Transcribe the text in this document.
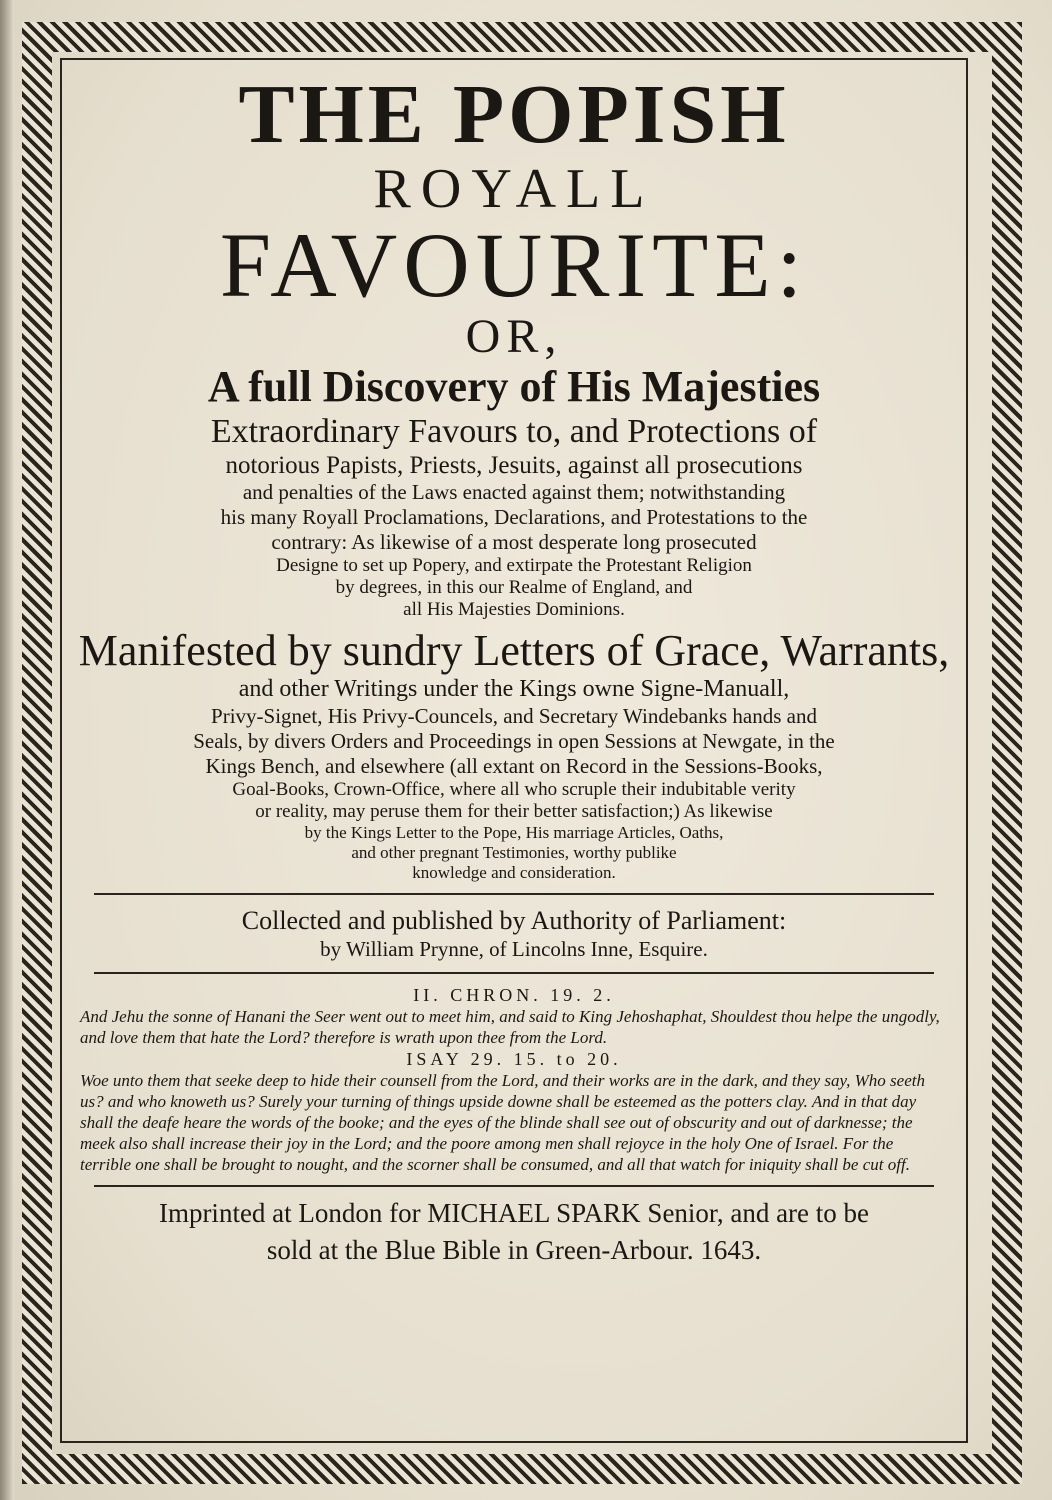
THE POPISH
ROYALL
FAVOURITE:
OR,
A full Discovery of His Majesties
Extraordinary Favours to, and Protections of
notorious Papists, Priests, Jesuits, against all prosecutions
and penalties of the Laws enacted against them; notwithstanding
his many Royall Proclamations, Declarations, and Protestations to the
contrary: As likewise of a most desperate long prosecuted
Designe to set up Popery, and extirpate the Protestant Religion
by degrees, in this our Realme of England, and
all His Majesties Dominions.
Manifested by sundry Letters of Grace, Warrants,
and other Writings under the Kings owne Signe-Manuall,
Privy-Signet, His Privy-Councels, and Secretary Windebanks hands and
Seals, by divers Orders and Proceedings in open Sessions at Newgate, in the
Kings Bench, and elsewhere (all extant on Record in the Sessions-Books,
Goal-Books, Crown-Office, where all who scruple their indubitable verity
or reality, may peruse them for their better satisfaction;) As likewise
by the Kings Letter to the Pope, His marriage Articles, Oaths,
and other pregnant Testimonies, worthy publike
knowledge and consideration.
Collected and published by Authority of Parliament:
by William Prynne, of Lincolns Inne, Esquire.
II. CHRON. 19. 2.
And Jehu the sonne of Hanani the Seer went out to meet him, and said to King Jehoshaphat, Shouldest thou helpe the ungodly, and love them that hate the Lord? therefore is wrath upon thee from the Lord.
ISAY 29. 15. to 20.
Woe unto them that seeke deep to hide their counsell from the Lord, and their works are in the dark, and they say, Who seeth us? and who knoweth us? Surely your turning of things upside downe shall be esteemed as the potters clay. And in that day shall the deafe heare the words of the booke; and the eyes of the blinde shall see out of obscurity and out of darknesse; the meek also shall increase their joy in the Lord; and the poore among men shall rejoyce in the holy One of Israel. For the terrible one shall be brought to nought, and the scorner shall be consumed, and all that watch for iniquity shall be cut off.
Imprinted at London for MICHAEL SPARK Senior, and are to be
sold at the Blue Bible in Green-Arbour. 1643.
